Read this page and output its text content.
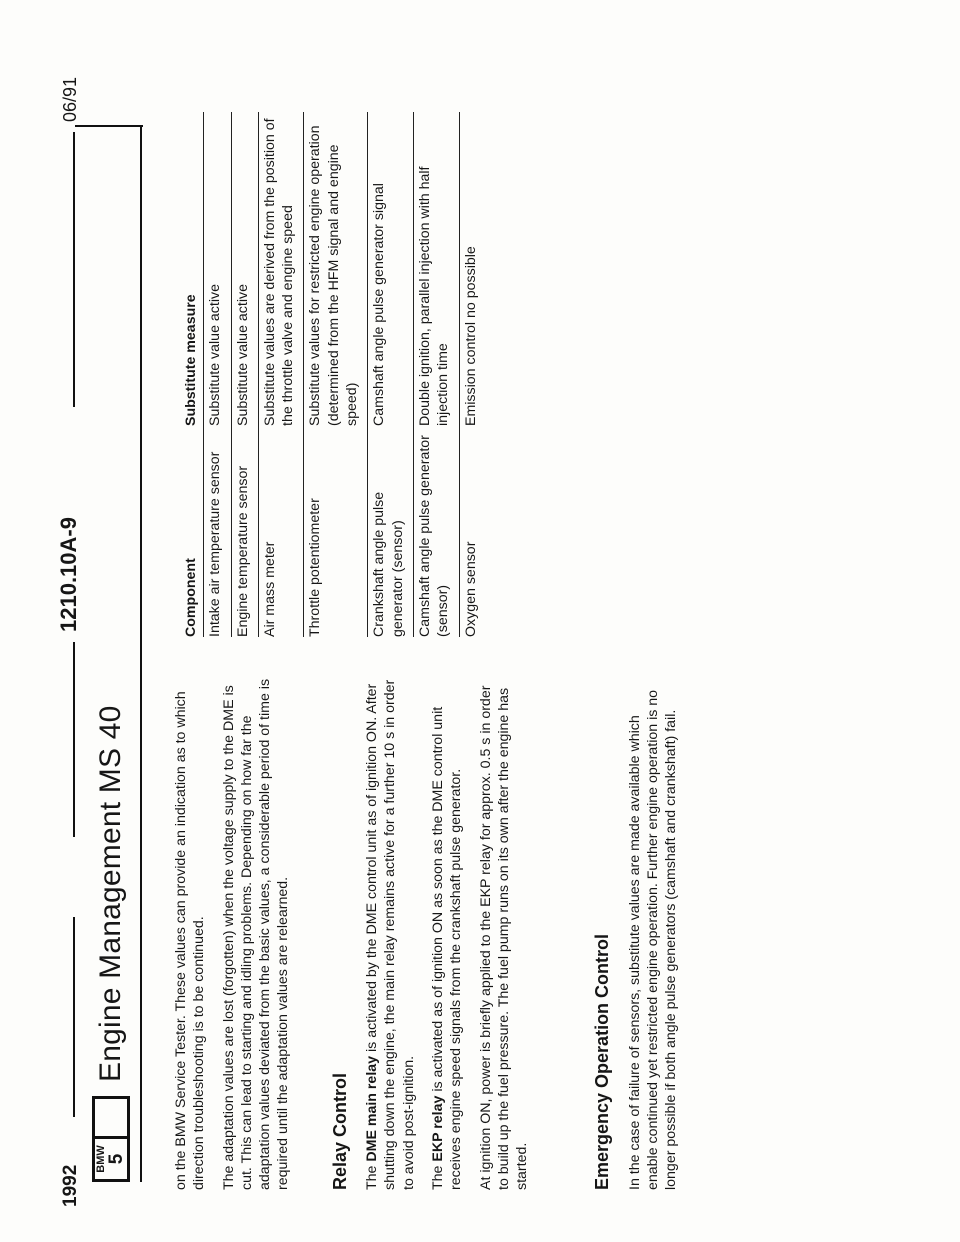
BMW 5
Engine Management MS 40
06/91
1210.10A-9
1992	on the BMW Service Tester. These values can provide an indication as to which direction troubleshooting is to be continued. The adaptation values are lost (forgotten) when the voltage supply to the DME is cut. This can lead to starting and idling problems. Depending on how far the adaptation values deviated from the basic values, a considerable period of time is required until the adaptation values are relearned. Relay Control The DME main relay is activated by the DME control unit as of ignition ON. After shutting down the engine, the main relay remains active for a further 10 s in order to avoid post-ignition. The EKP relay is activated as of ignition ON as soon as the DME control unit receives engine speed signals from the crankshaft pulse generator. At ignition ON, power is briefly applied to the EKP relay for approx. 0.5 s in order to build up the fuel pressure. The fuel pump runs on its own after the engine has started.	Emergency Operation Control In the case of failure of sensors, substitute values are made available which enable continued yet restricted engine operation. Further engine operation is no longer possible if both angle pulse generators (camshaft and crankshaft) fail.

Component	Substitute measure
Intake air temperature sensor	Substitute value active
Engine temperature sensor	Substitute value active
Air mass meter	Substitute values are derived from the position of the throttle valve and engine speed
Throttle potentiometer	Substitute values for restricted engine operation (determined from the HFM signal and engine speed)
Crankshaft angle pulse generator (sensor)	Camshaft angle pulse generator signal
Camshaft angle pulse generator (sensor)	Double ignition, parallel injection with half injection time
Oxygen sensor	Emission control no possible
